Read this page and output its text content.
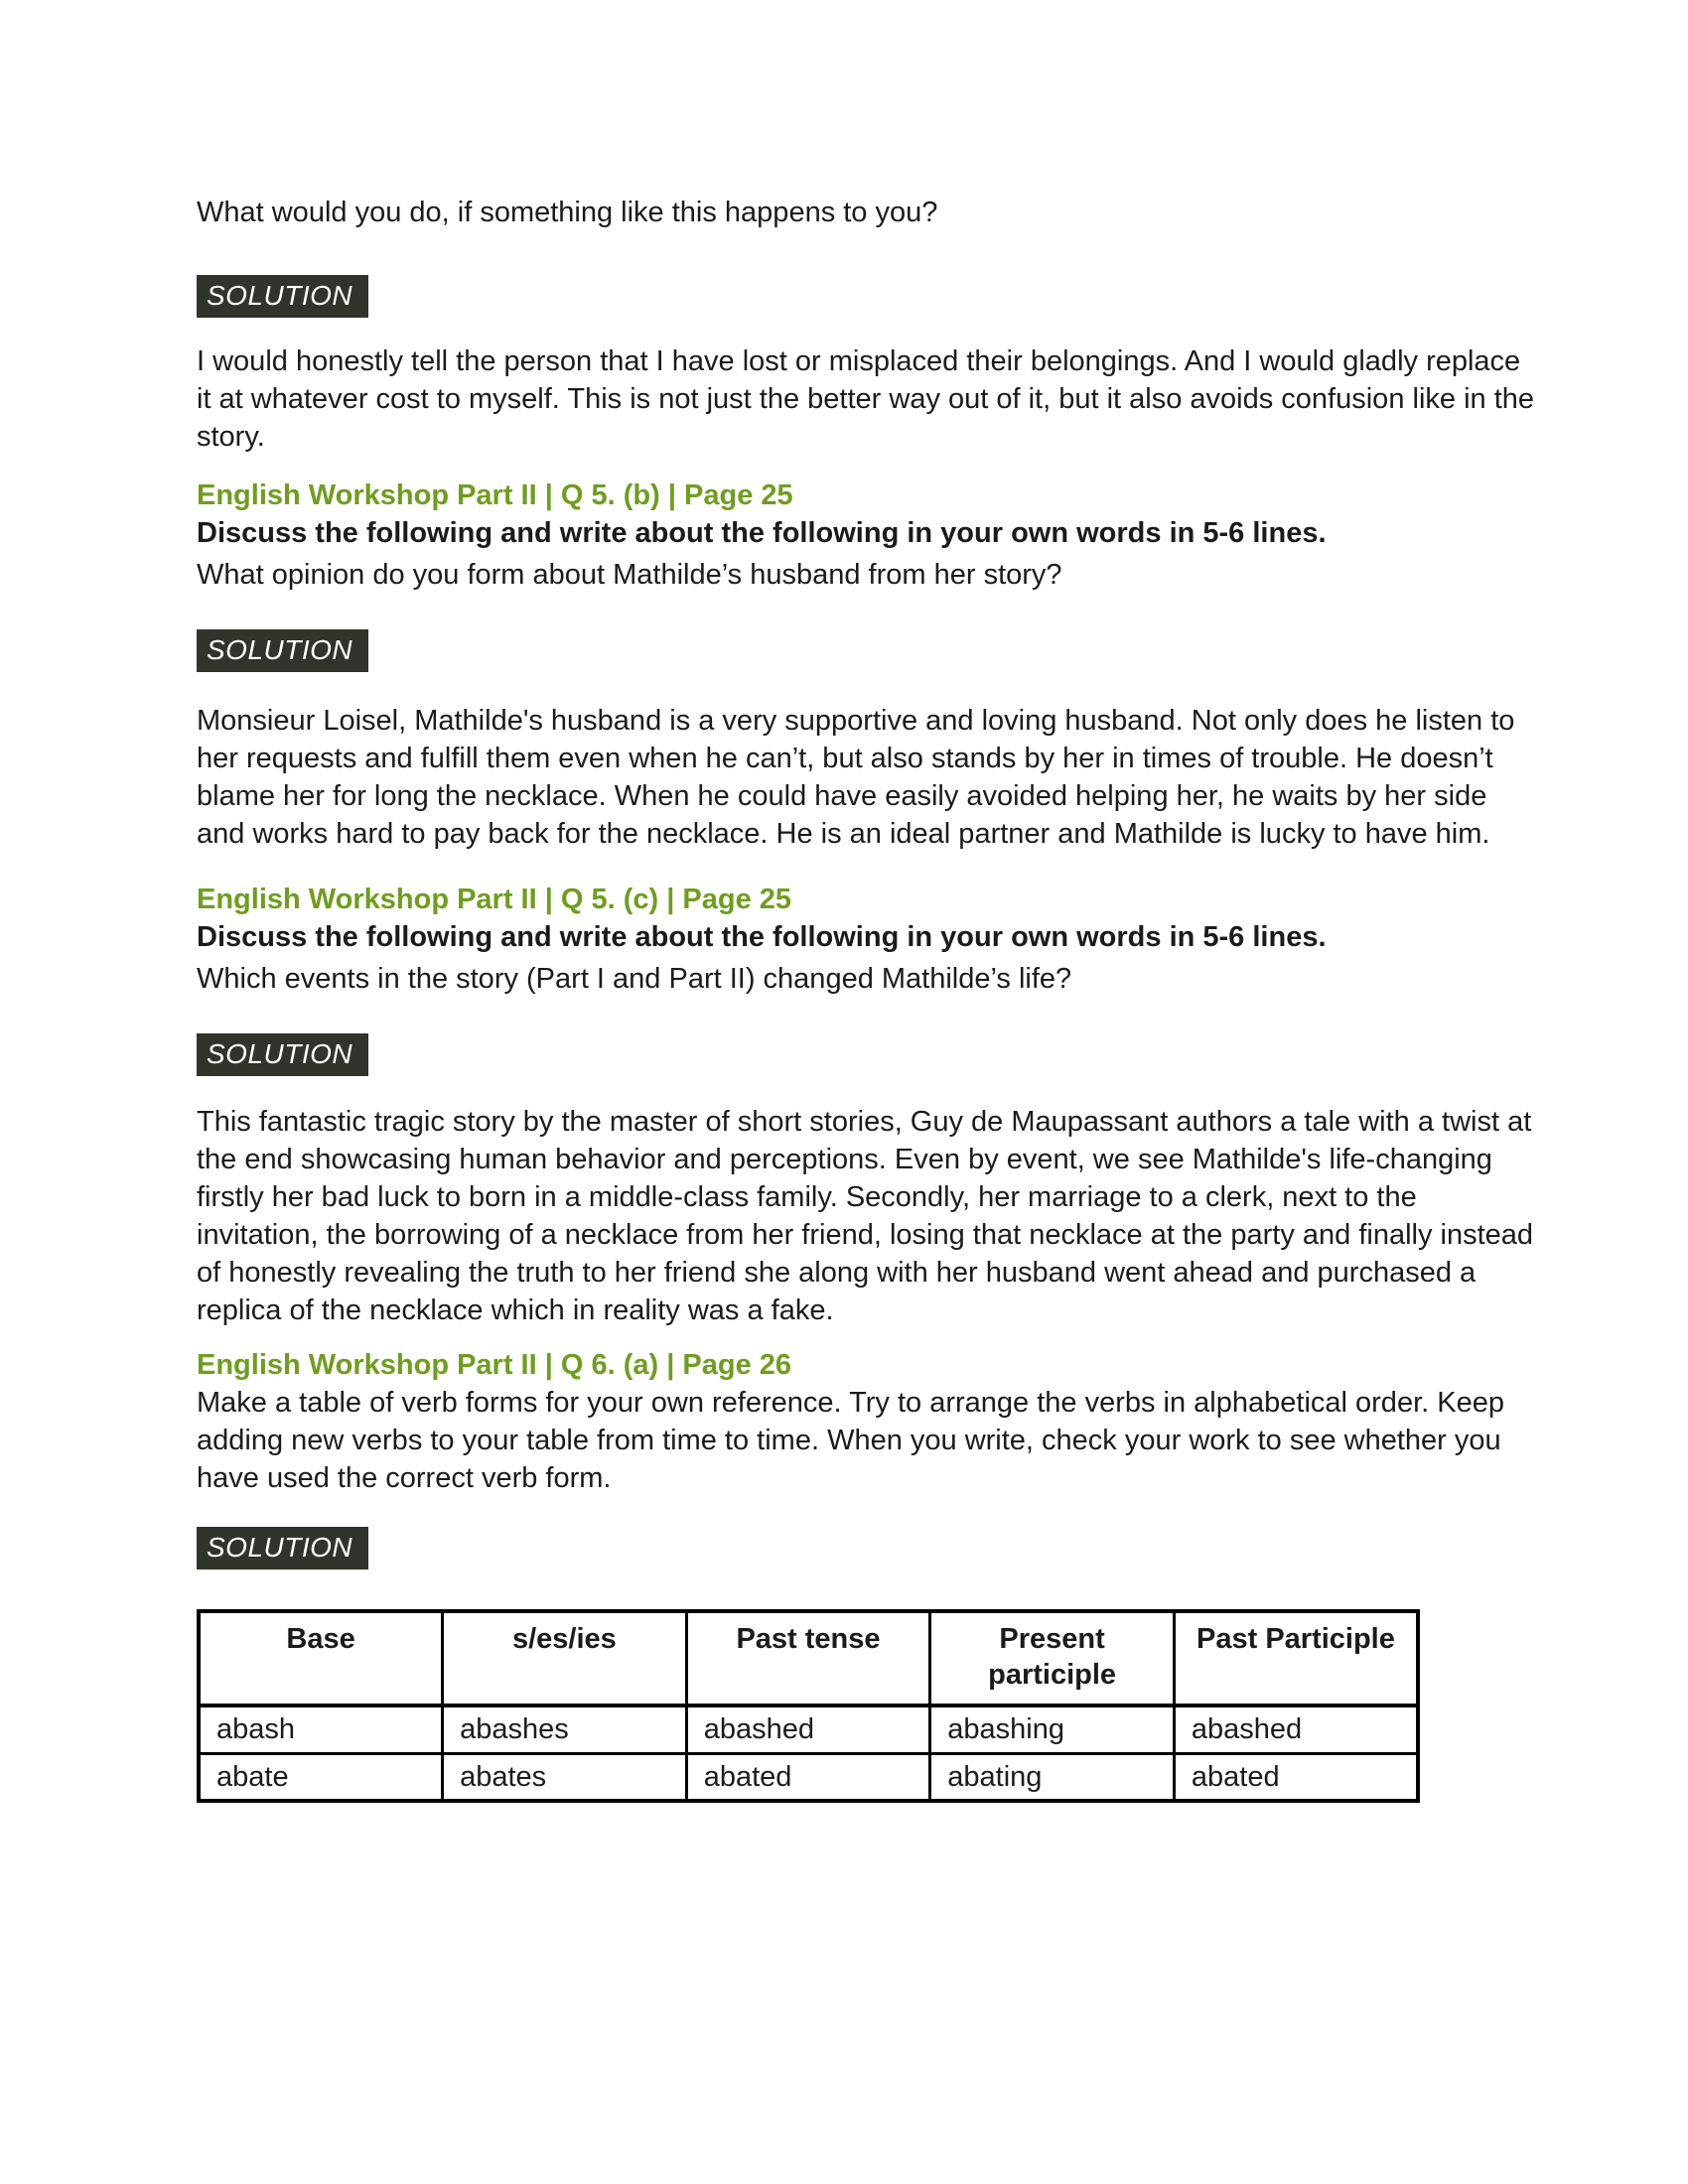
What would you do, if something like this happens to you?

SOLUTION

I would honestly tell the person that I have lost or misplaced their belongings. And I would gladly replace it at whatever cost to myself. This is not just the better way out of it, but it also avoids confusion like in the story.

English Workshop Part II | Q 5. (b) | Page 25

Discuss the following and write about the following in your own words in 5-6 lines.

What opinion do you form about Mathilde’s husband from her story?

SOLUTION

Monsieur Loisel, Mathilde's husband is a very supportive and loving husband. Not only does he listen to her requests and fulfill them even when he can’t, but also stands by her in times of trouble. He doesn’t blame her for long the necklace. When he could have easily avoided helping her, he waits by her side and works hard to pay back for the necklace. He is an ideal partner and Mathilde is lucky to have him.

English Workshop Part II | Q 5. (c) | Page 25

Discuss the following and write about the following in your own words in 5-6 lines.

Which events in the story (Part I and Part II) changed Mathilde’s life?

SOLUTION

This fantastic tragic story by the master of short stories, Guy de Maupassant authors a tale with a twist at the end showcasing human behavior and perceptions. Even by event, we see Mathilde's life-changing firstly her bad luck to born in a middle-class family. Secondly, her marriage to a clerk, next to the invitation, the borrowing of a necklace from her friend, losing that necklace at the party and finally instead of honestly revealing the truth to her friend she along with her husband went ahead and purchased a replica of the necklace which in reality was a fake.

English Workshop Part II | Q 6. (a) | Page 26

Make a table of verb forms for your own reference. Try to arrange the verbs in alphabetical order. Keep adding new verbs to your table from time to time. When you write, check your work to see whether you have used the correct verb form.

SOLUTION
Base	s/es/ies	Past tense	Present participle	Past Participle
abash	abashes	abashed	abashing	abashed
abate	abates	abated	abating	abated
